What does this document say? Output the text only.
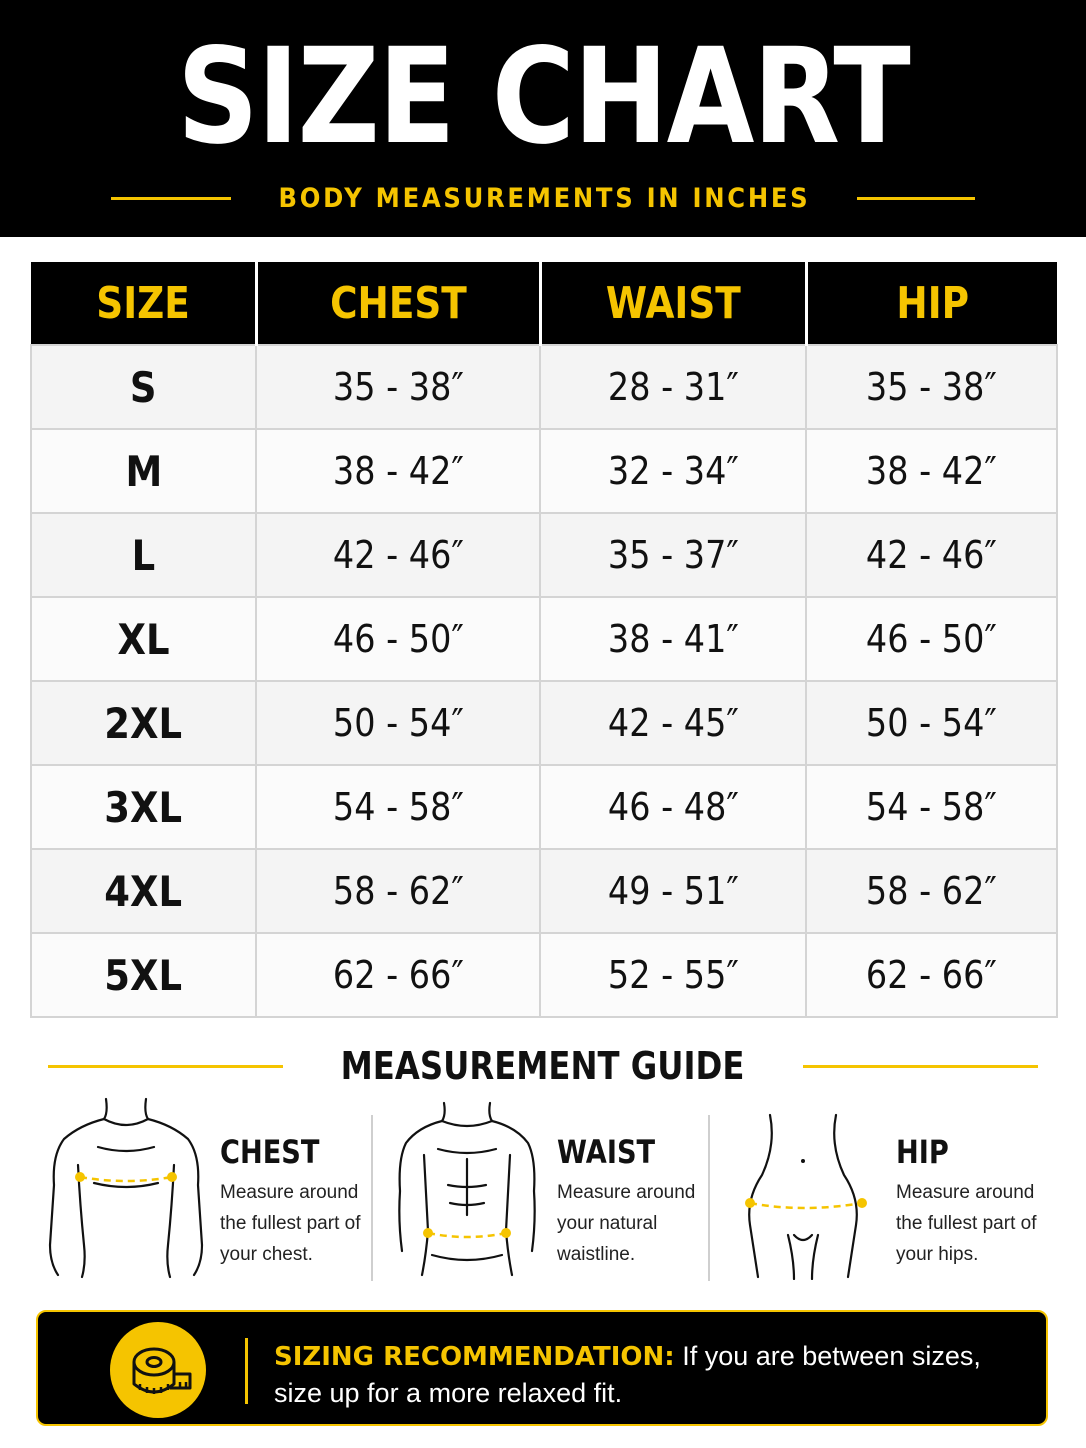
SIZE CHART
BODY MEASUREMENTS IN INCHES
SIZE	CHEST	WAIST	HIP
S	35 - 38″	28 - 31″	35 - 38″
M	38 - 42″	32 - 34″	38 - 42″
L	42 - 46″	35 - 37″	42 - 46″
XL	46 - 50″	38 - 41″	46 - 50″
2XL	50 - 54″	42 - 45″	50 - 54″
3XL	54 - 58″	46 - 48″	54 - 58″
4XL	58 - 62″	49 - 51″	58 - 62″
5XL	62 - 66″	52 - 55″	62 - 66″
MEASUREMENT GUIDE
CHEST
Measure around the fullest part of your chest.
WAIST
Measure around your natural waistline.
HIP
Measure around the fullest part of your hips.
SIZING RECOMMENDATION: If you are between sizes, size up for a more relaxed fit.
